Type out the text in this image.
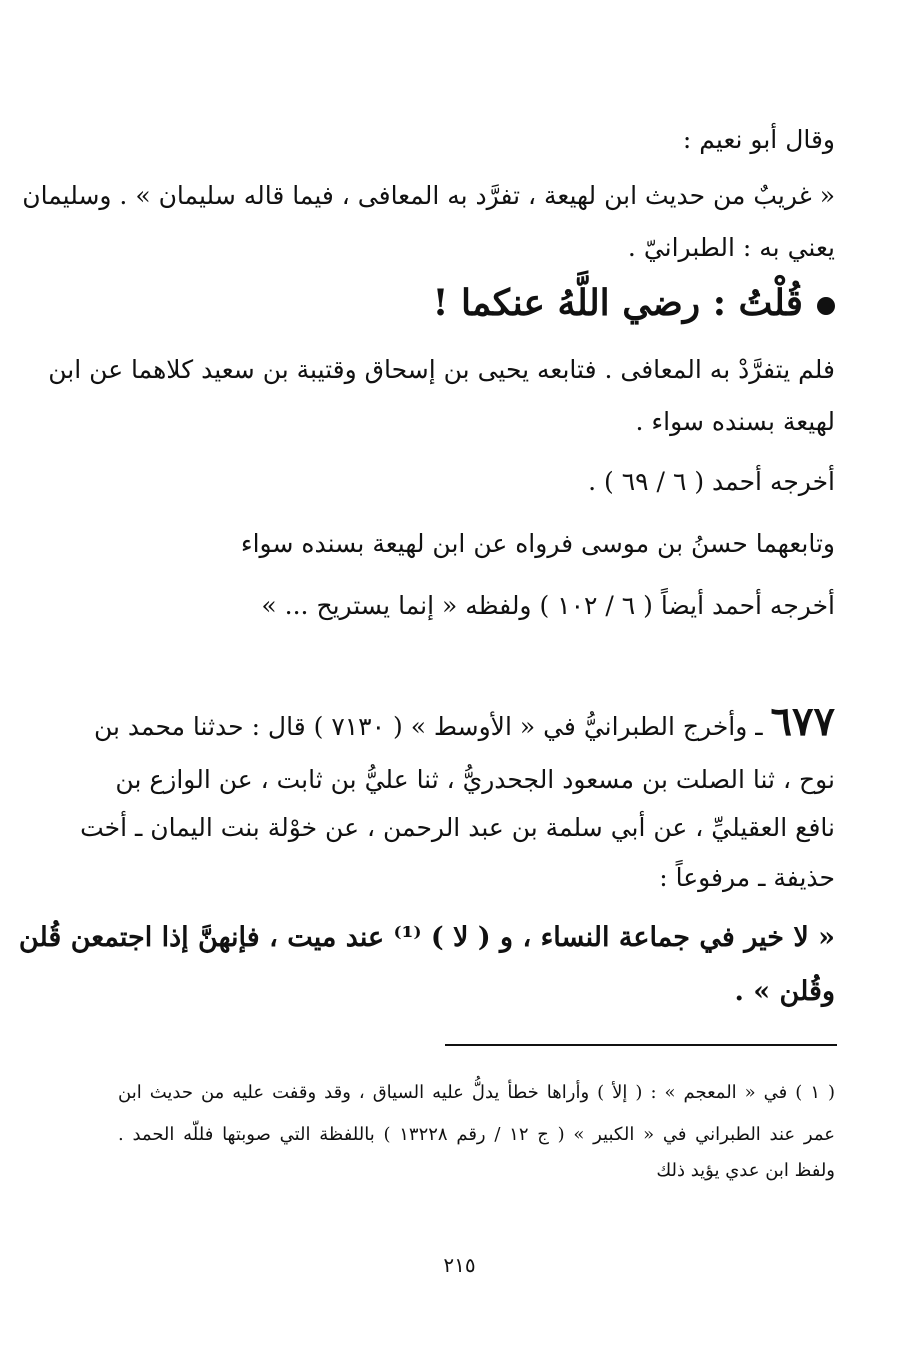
وقال أبو نعيم :
« غريبٌ من حديث ابن لهيعة ، تفرَّد به المعافى ، فيما قاله سليمان » . وسليمان
يعني به : الطبرانيّ .
قُلْتُ : رضي اللَّهُ عنكما !
فلم يتفرَّدْ به المعافى . فتابعه يحيى بن إسحاق وقتيبة بن سعيد كلاهما عن ابن
لهيعة بسنده سواء .
أخرجه أحمد ( ٦ / ٦٩ ) .
وتابعهما حسنُ بن موسى فرواه عن ابن لهيعة بسنده سواء
أخرجه أحمد أيضاً ( ٦ / ١٠٢ ) ولفظه « إنما يستريح ... »
٦٧٧ ـ وأخرج الطبرانيُّ في « الأوسط » ( ٧١٣٠ ) قال : حدثنا محمد بن
نوح ، ثنا الصلت بن مسعود الجحدريُّ ، ثنا عليُّ بن ثابت ، عن الوازع بن
نافع العقيليِّ ، عن أبي سلمة بن عبد الرحمن ، عن خوْلة بنت اليمان ـ أخت
حذيفة ـ مرفوعاً :
« لا خير في جماعة النساء ، و ( لا ) ⁽¹⁾ عند ميت ، فإنهنَّ إذا اجتمعن قُلن
وقُلن » .
( ١ ) في « المعجم » : ( إلأ ) وأراها خطأ يدلُّ عليه السياق ، وقد وقفت عليه من حديث ابن
عمر عند الطبراني في « الكبير » ( ج ١٢ / رقم ١٣٢٢٨ ) باللفظة التي صوبتها فللّه الحمد .
ولفظ ابن عدي يؤيد ذلك
٢١٥
